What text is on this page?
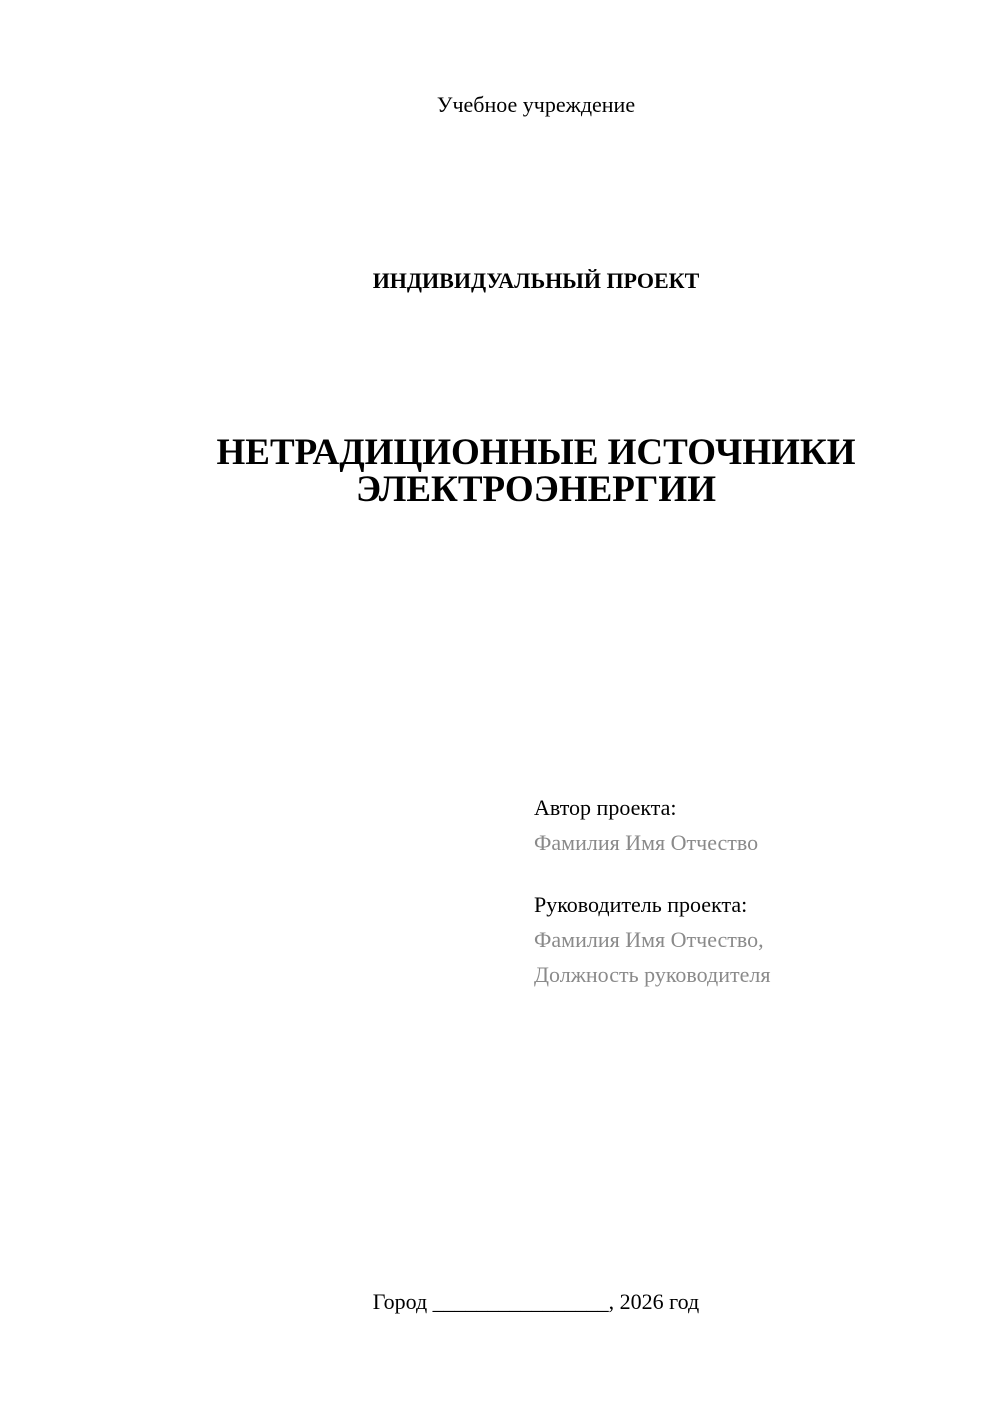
Учебное учреждение
ИНДИВИДУАЛЬНЫЙ ПРОЕКТ
НЕТРАДИЦИОННЫЕ ИСТОЧНИКИ
ЭЛЕКТРОЭНЕРГИИ
Автор проекта:
Фамилия Имя Отчество
Руководитель проекта:
Фамилия Имя Отчество,
Должность руководителя
Город ________________, 2026 год
